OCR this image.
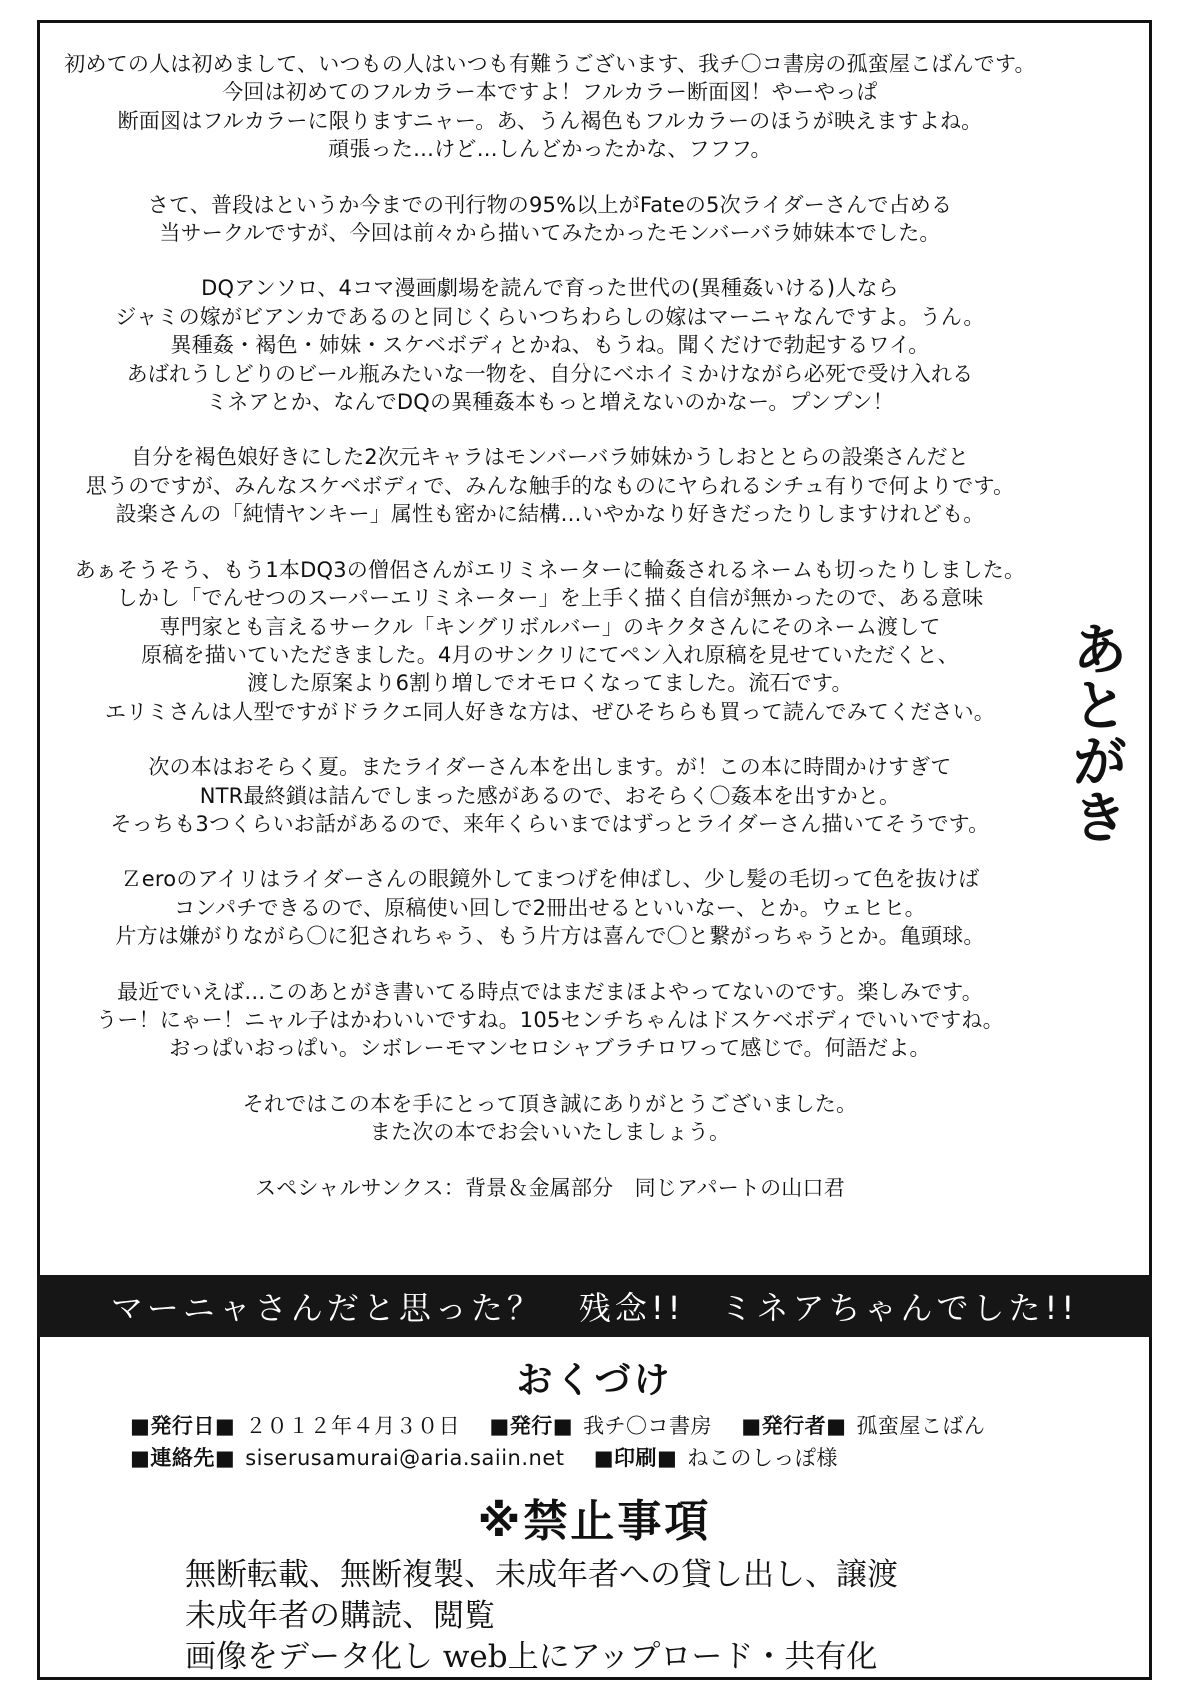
初めての人は初めまして、いつもの人はいつも有難うございます、我チ〇コ書房の孤蛮屋こばんです。
今回は初めてのフルカラー本ですよ！フルカラー断面図！やーやっぱ
断面図はフルカラーに限りますニャー。あ、うん褐色もフルカラーのほうが映えますよね。
頑張った…けど…しんどかったかな、フフフ。

さて、普段はというか今までの刊行物の95%以上がFateの5次ライダーさんで占める
当サークルですが、今回は前々から描いてみたかったモンバーバラ姉妹本でした。

DQアンソロ、4コマ漫画劇場を読んで育った世代の(異種姦いける)人なら
ジャミの嫁がビアンカであるのと同じくらいつちわらしの嫁はマーニャなんですよ。うん。
異種姦・褐色・姉妹・スケベボディとかね、もうね。聞くだけで勃起するワイ。
あばれうしどりのビール瓶みたいな一物を、自分にベホイミかけながら必死で受け入れる
ミネアとか、なんでDQの異種姦本もっと増えないのかなー。プンプン！

自分を褐色娘好きにした2次元キャラはモンバーバラ姉妹かうしおととらの設楽さんだと
思うのですが、みんなスケベボディで、みんな触手的なものにヤられるシチュ有りで何よりです。
設楽さんの「純情ヤンキー」属性も密かに結構…いやかなり好きだったりしますけれども。

あぁそうそう、もう1本DQ3の僧侶さんがエリミネーターに輪姦されるネームも切ったりしました。
しかし「でんせつのスーパーエリミネーター」を上手く描く自信が無かったので、ある意味
専門家とも言えるサークル「キングリボルバー」のキクタさんにそのネーム渡して
原稿を描いていただきました。4月のサンクリにてペン入れ原稿を見せていただくと、
渡した原案より6割り増しでオモロくなってました。流石です。
エリミさんは人型ですがドラクエ同人好きな方は、ぜひそちらも買って読んでみてください。

次の本はおそらく夏。またライダーさん本を出します。が！この本に時間かけすぎて
NTR最終鎖は詰んでしまった感があるので、おそらく〇姦本を出すかと。
そっちも3つくらいお話があるので、来年くらいまではずっとライダーさん描いてそうです。

Ｚeroのアイリはライダーさんの眼鏡外してまつげを伸ばし、少し髪の毛切って色を抜けば
コンパチできるので、原稿使い回しで2冊出せるといいなー、とか。ウェヒヒ。
片方は嫌がりながら〇に犯されちゃう、もう片方は喜んで〇と繋がっちゃうとか。亀頭球。

最近でいえば…このあとがき書いてる時点ではまだまほよやってないのです。楽しみです。
うー！にゃー！ニャル子はかわいいですね。105センチちゃんはドスケベボディでいいですね。
おっぱいおっぱい。シボレーモマンセロシャブラチロワって感じで。何語だよ。

それではこの本を手にとって頂き誠にありがとうございました。
また次の本でお会いいたしましょう。

スペシャルサンクス：背景＆金属部分　同じアパートの山口君

あとがき
マーニャさんだと思った？　残念!!　ミネアちゃんでした!!
おくづけ
■発行日■ ２０１２年４月３０日 ■発行■ 我チ〇コ書房 ■発行者■ 孤蛮屋こばん
■連絡先■ siserusamurai@aria.saiin.net ■印刷■ ねこのしっぽ様
※禁止事項
無断転載、無断複製、未成年者への貸し出し、譲渡
未成年者の購読、閲覧
画像をデータ化し web上にアップロード・共有化
